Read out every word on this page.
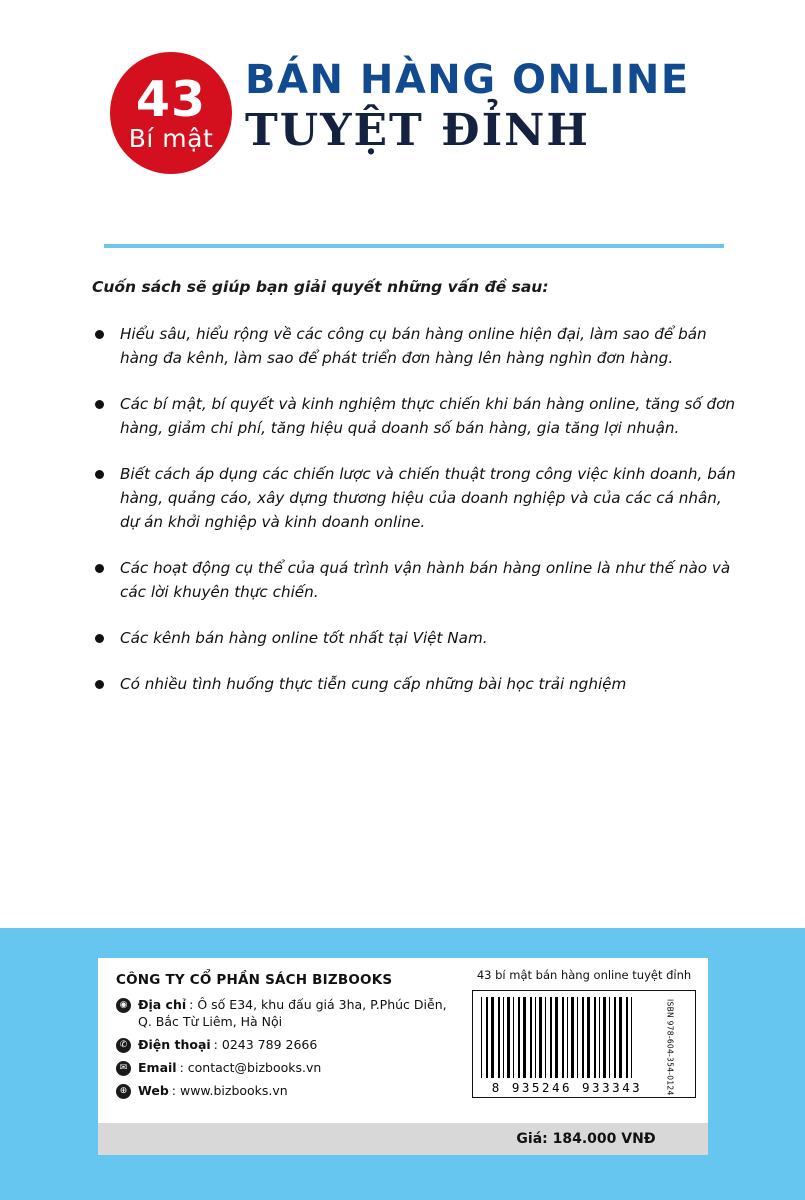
43
Bí mật
BÁN HÀNG ONLINE
TUYỆT ĐỈNH
Cuốn sách sẽ giúp bạn giải quyết những vấn đề sau:
Hiểu sâu, hiểu rộng về các công cụ bán hàng online hiện đại, làm sao để bán hàng đa kênh, làm sao để phát triển đơn hàng lên hàng nghìn đơn hàng.
Các bí mật, bí quyết và kinh nghiệm thực chiến khi bán hàng online, tăng số đơn hàng, giảm chi phí, tăng hiệu quả doanh số bán hàng, gia tăng lợi nhuận.
Biết cách áp dụng các chiến lược và chiến thuật trong công việc kinh doanh, bán hàng, quảng cáo, xây dựng thương hiệu của doanh nghiệp và của các cá nhân, dự án khởi nghiệp và kinh doanh online.
Các hoạt động cụ thể của quá trình vận hành bán hàng online là như thế nào và các lời khuyên thực chiến.
Các kênh bán hàng online tốt nhất tại Việt Nam.
Có nhiều tình huống thực tiễn cung cấp những bài học trải nghiệm
CÔNG TY CỔ PHẦN SÁCH BIZBOOKS
◉ Địa chỉ : Ô số E34, khu đấu giá 3ha, P.Phúc Diễn, Q. Bắc Từ Liêm, Hà Nội
✆ Điện thoại : 0243 789 2666
✉ Email : contact@bizbooks.vn
⊕ Web : www.bizbooks.vn
43 bí mật bán hàng online tuyệt đỉnh
8 935246 933343	ISBN 978-604-354-0124
Giá: 184.000 VNĐ
